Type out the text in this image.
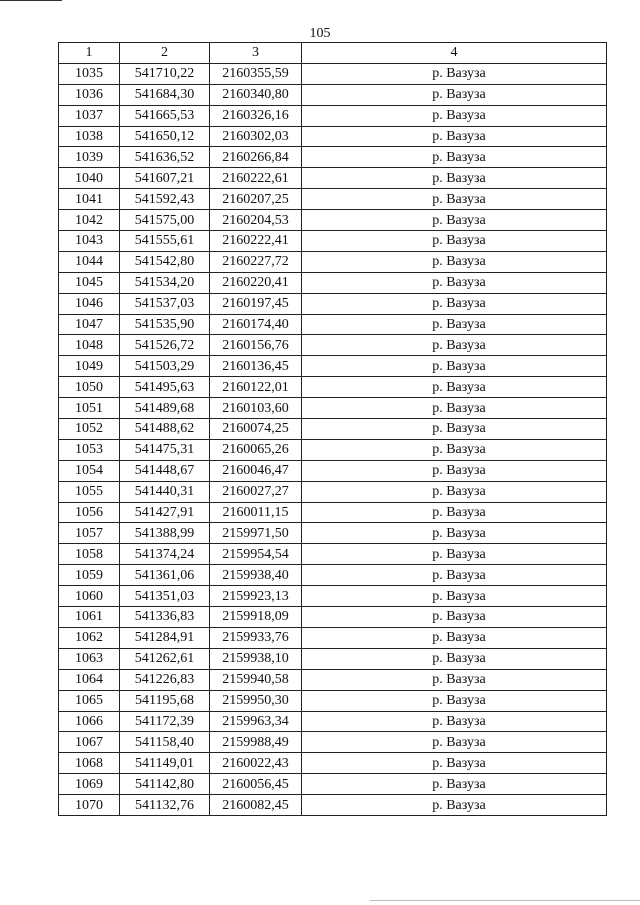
105
1	2	3	4
1035	541710,22	2160355,59	р. Вазуза
1036	541684,30	2160340,80	р. Вазуза
1037	541665,53	2160326,16	р. Вазуза
1038	541650,12	2160302,03	р. Вазуза
1039	541636,52	2160266,84	р. Вазуза
1040	541607,21	2160222,61	р. Вазуза
1041	541592,43	2160207,25	р. Вазуза
1042	541575,00	2160204,53	р. Вазуза
1043	541555,61	2160222,41	р. Вазуза
1044	541542,80	2160227,72	р. Вазуза
1045	541534,20	2160220,41	р. Вазуза
1046	541537,03	2160197,45	р. Вазуза
1047	541535,90	2160174,40	р. Вазуза
1048	541526,72	2160156,76	р. Вазуза
1049	541503,29	2160136,45	р. Вазуза
1050	541495,63	2160122,01	р. Вазуза
1051	541489,68	2160103,60	р. Вазуза
1052	541488,62	2160074,25	р. Вазуза
1053	541475,31	2160065,26	р. Вазуза
1054	541448,67	2160046,47	р. Вазуза
1055	541440,31	2160027,27	р. Вазуза
1056	541427,91	2160011,15	р. Вазуза
1057	541388,99	2159971,50	р. Вазуза
1058	541374,24	2159954,54	р. Вазуза
1059	541361,06	2159938,40	р. Вазуза
1060	541351,03	2159923,13	р. Вазуза
1061	541336,83	2159918,09	р. Вазуза
1062	541284,91	2159933,76	р. Вазуза
1063	541262,61	2159938,10	р. Вазуза
1064	541226,83	2159940,58	р. Вазуза
1065	541195,68	2159950,30	р. Вазуза
1066	541172,39	2159963,34	р. Вазуза
1067	541158,40	2159988,49	р. Вазуза
1068	541149,01	2160022,43	р. Вазуза
1069	541142,80	2160056,45	р. Вазуза
1070	541132,76	2160082,45	р. Вазуза
